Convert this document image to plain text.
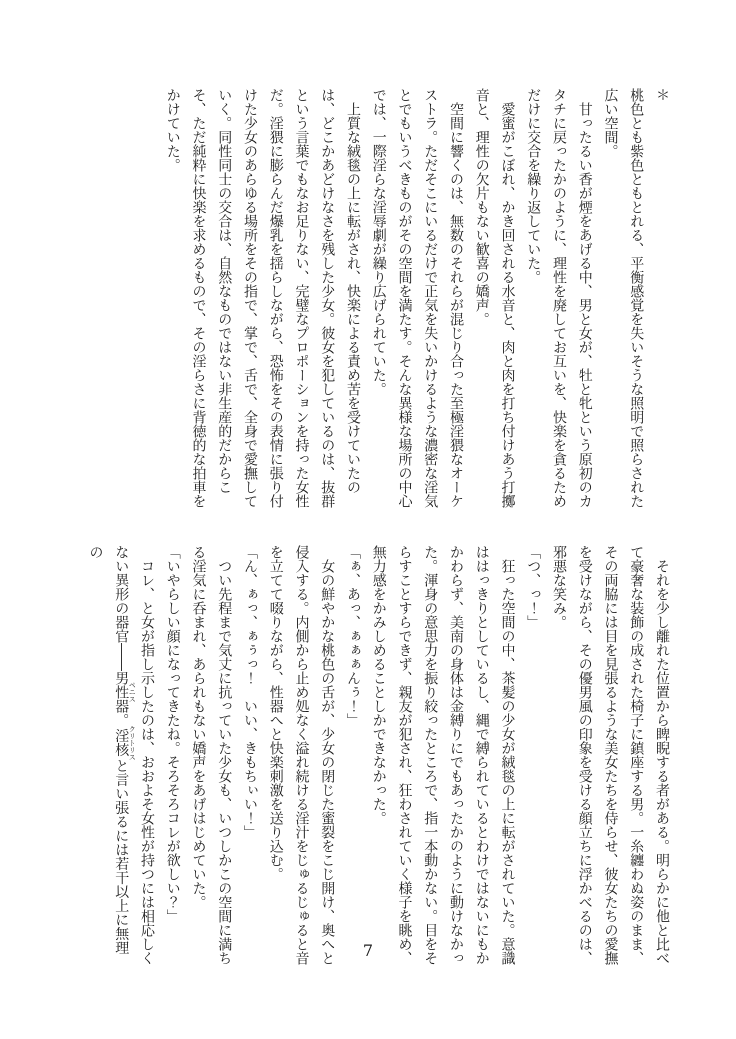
＊

桃色とも紫色ともとれる、平衡感覚を失いそうな照明で照らされた広い空間。

甘ったるい香が煙をあげる中、男と女が、牡と牝という原初のカタチに戻ったかのように、理性を廃してお互いを、快楽を貪るためだけに交合を繰り返していた。

愛蜜がこぼれ、かき回される水音と、肉と肉を打ち付けあう打擲音と、理性の欠片もない歓喜の嬌声。

空間に響くのは、無数のそれらが混じり合った至極淫猥なオーケストラ。ただそこにいるだけで正気を失いかけるような濃密な淫気とでもいうべきものがその空間を満たす。そんな異様な場所の中心では、一際淫らな淫辱劇が繰り広げられていた。

上質な絨毯の上に転がされ、快楽による責め苦を受けていたのは、どこかあどけなさを残した少女。彼女を犯しているのは、抜群という言葉でもなお足りない、完璧なプロポーションを持った女性だ。淫猥に膨らんだ爆乳を揺らしながら、恐怖をその表情に張り付けた少女のあらゆる場所をその指で、掌で、舌で、全身で愛撫していく。同性同士の交合は、自然なものではない非生産的だからこそ、ただ純粋に快楽を求めるもので、その淫らさに背徳的な拍車をかけていた。

それを少し離れた位置から睥睨する者がある。明らかに他と比べて豪奢な装飾の成された椅子に鎮座する男。一糸纏わぬ姿のまま、その両脇には目を見張るような美女たちを侍らせ、彼女たちの愛撫を受けながら、その優男風の印象を受ける顔立ちに浮かべるのは、邪悪な笑み。

「つ、っ！」

狂った空間の中、茶髪の少女が絨毯の上に転がされていた。意識ははっきりとしているし、縄で縛られているとわけではないにもかかわらず、美南の身体は金縛りにでもあったかのように動けなかった。渾身の意思力を振り絞ったところで、指一本動かない。目をそらすことすらできず、親友が犯され、狂わされていく様子を眺め、無力感をかみしめることしかできなかった。

「ぁ、あっ、ぁぁぁんぅ！」

女の鮮やかな桃色の舌が、少女の閉じた蜜裂をこじ開け、奥へと侵入する。内側から止め処なく溢れ続ける淫汁をじゅるじゅると音を立てて啜りながら、性器へと快楽刺激を送り込む。

「ん、ぁっ、ぁぅっ！　いい、きもちぃい！」

つい先程まで気丈に抗っていた少女も、いつしかこの空間に満ちる淫気に呑まれ、あられもない嬌声をあげはじめていた。

「いやらしい顔になってきたね。そろそろコレが欲しい？」

コレ、と女が指し示したのは、おおよそ女性が持つには相応しくない異形の器官――男性器 ペニス。淫核 クリトリスと言い張るには若干以上に無理の

7
